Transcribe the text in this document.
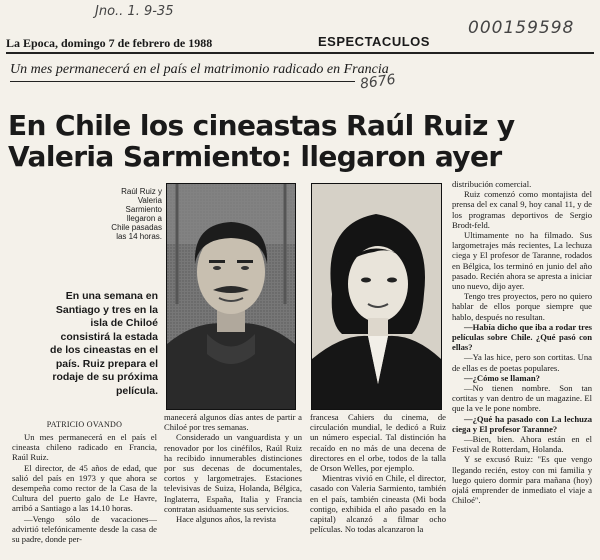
Jno.. 1. 9-35
000159598
8676
La Epoca, domingo 7 de febrero de 1988	ESPECTACULOS
Un mes permanecerá en el país el matrimonio radicado en Francia
En Chile los cineastas Raúl Ruiz y
Valeria Sarmiento: llegaron ayer
Raúl Ruiz y
Valeria
Sarmiento
llegaron a
Chile pasadas
las 14 horas.
En una semana en
Santiago y tres en la
isla de Chiloé
consistirá la estada
de los cineastas en el
país. Ruiz prepara el
rodaje de su próxima
película.
PATRICIO OVANDO

Un mes permanecerá en el país el cineasta chileno radicado en Francia, Raúl Ruiz.

El director, de 45 años de edad, que salió del país en 1973 y que ahora se desempeña como rector de la Casa de la Cultura del puerto galo de Le Havre, arribó a Santiago a las 14.10 horas.

—Vengo sólo de vacaciones— advirtió telefónicamente desde la casa de su padre, donde per-

manecerá algunos días antes de partir a Chiloé por tres semanas.

Considerado un vanguardista y un renovador por los cinéfilos, Raúl Ruiz ha recibido innumerables distinciones por sus decenas de documentales, cortos y largometrajes. Estaciones televisivas de Suiza, Holanda, Bélgica, Inglaterra, España, Italia y Francia contratan asiduamente sus servicios.

Hace algunos años, la revista

francesa Cahiers du cinema, de circulación mundial, le dedicó a Ruiz un número especial. Tal distinción ha recaído en no más de una decena de directores en el orbe, todos de la talla de Orson Welles, por ejemplo.

Mientras vivió en Chile, el director, casado con Valeria Sarmiento, también en el país, también cineasta (Mi boda contigo, exhibida el año pasado en la capital) alcanzó a filmar ocho películas. No todas alcanzaron la

distribución comercial.

Ruiz comenzó como montajista del prensa del ex canal 9, hoy canal 11, y de los programas deportivos de Sergio Brodt-feld.

Ultimamente no ha filmado. Sus largometrajes más recientes, La lechuza ciega y El profesor de Taranne, rodados en Bélgica, los terminó en junio del año pasado. Recién ahora se apresta a iniciar uno nuevo, dijo ayer.

Tengo tres proyectos, pero no quiero hablar de ellos porque siempre que hablo, después no resultan.

—Había dicho que iba a rodar tres películas sobre Chile. ¿Qué pasó con ellas?

—Ya las hice, pero son cortitas. Una de ellas es de poetas populares.

—¿Cómo se llaman?

—No tienen nombre. Son tan cortitas y van dentro de un magazine. El que la ve le pone nombre.

—¿Qué ha pasado con La lechuza ciega y El profesor Taranne?

—Bien, bien. Ahora están en el Festival de Rotterdam, Holanda.

Y se excusó Ruiz: "Es que vengo llegando recién, estoy con mi familia y luego quiero dormir para mañana (hoy) ojalá emprender de inmediato el viaje a Chiloé".
